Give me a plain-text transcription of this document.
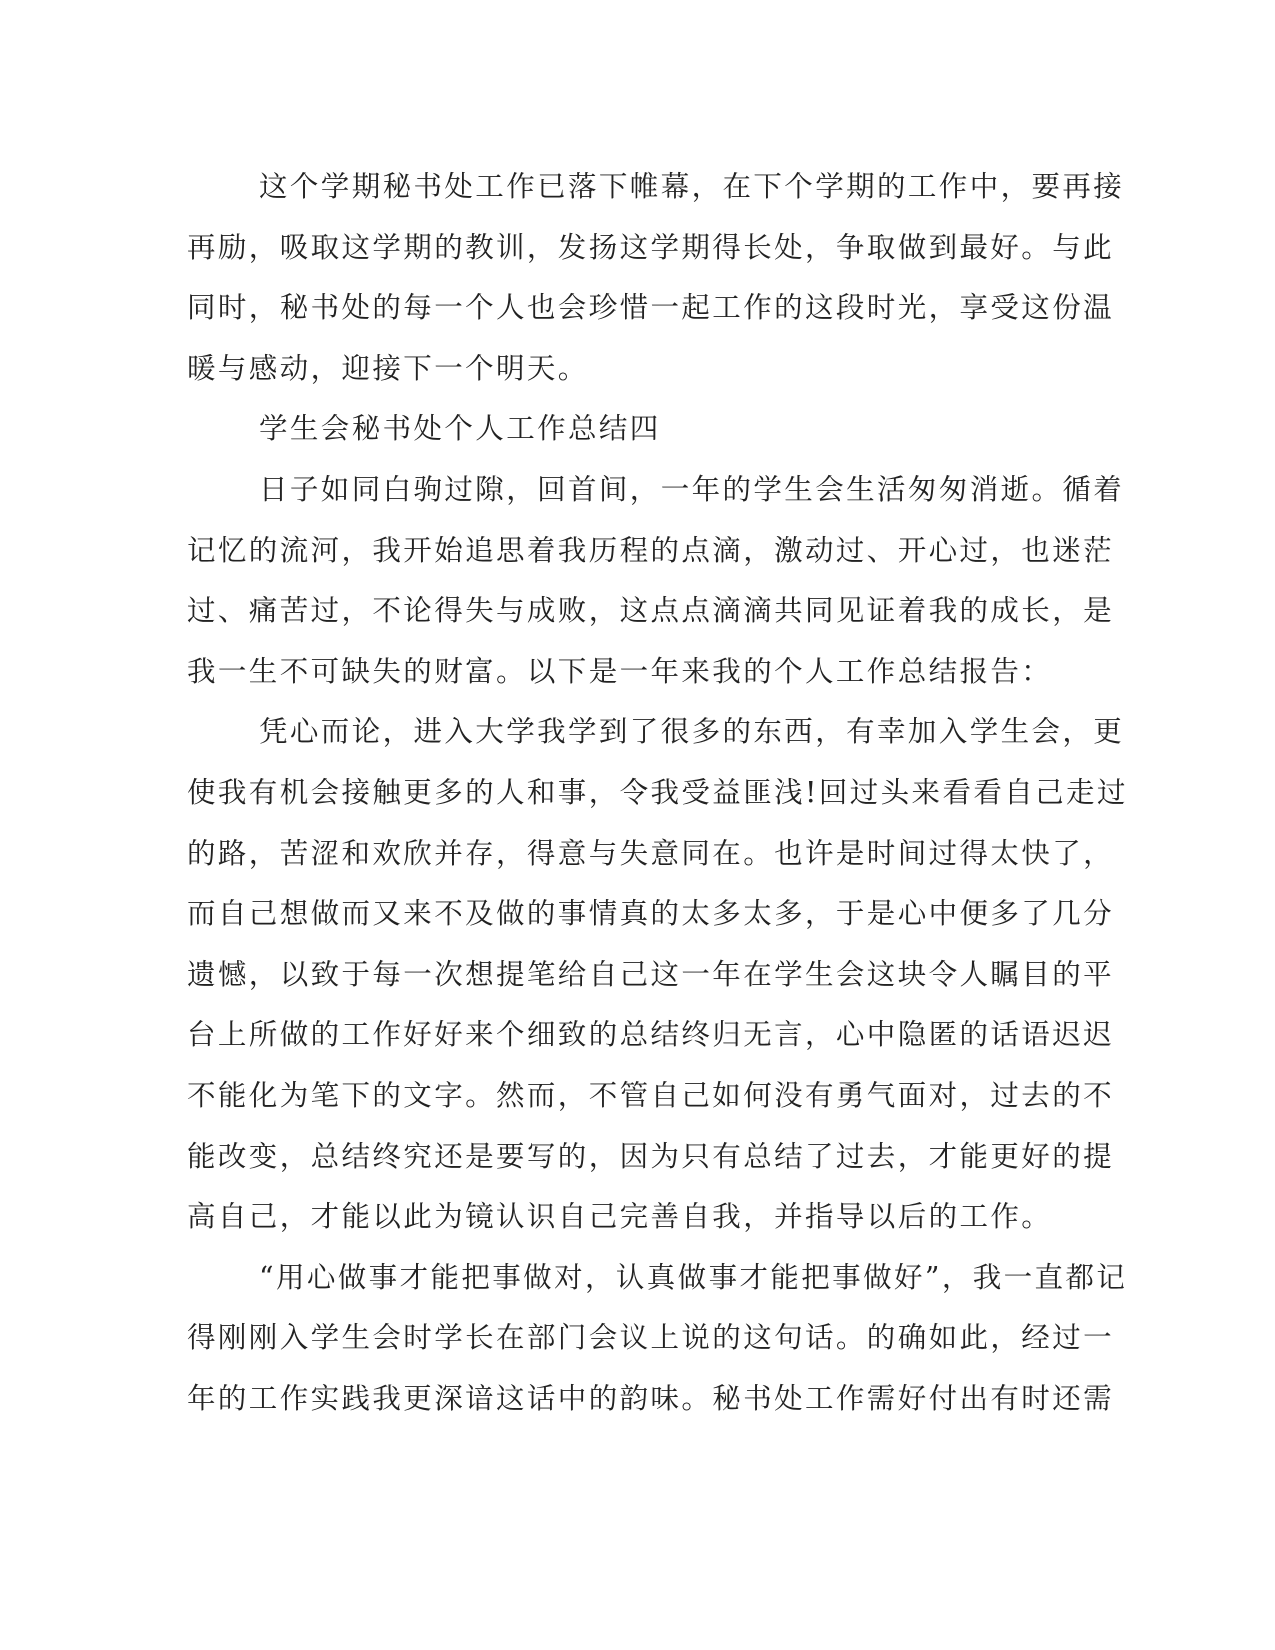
这个学期秘书处工作已落下帷幕，在下个学期的工作中，要再接
再励，吸取这学期的教训，发扬这学期得长处，争取做到最好。与此
同时，秘书处的每一个人也会珍惜一起工作的这段时光，享受这份温
暖与感动，迎接下一个明天。
学生会秘书处个人工作总结四
日子如同白驹过隙，回首间，一年的学生会生活匆匆消逝。循着
记忆的流河，我开始追思着我历程的点滴，激动过、开心过，也迷茫
过、痛苦过，不论得失与成败，这点点滴滴共同见证着我的成长，是
我一生不可缺失的财富。以下是一年来我的个人工作总结报告：
凭心而论，进入大学我学到了很多的东西，有幸加入学生会，更
使我有机会接触更多的人和事，令我受益匪浅!回过头来看看自己走过
的路，苦涩和欢欣并存，得意与失意同在。也许是时间过得太快了，
而自己想做而又来不及做的事情真的太多太多，于是心中便多了几分
遗憾，以致于每一次想提笔给自己这一年在学生会这块令人瞩目的平
台上所做的工作好好来个细致的总结终归无言，心中隐匿的话语迟迟
不能化为笔下的文字。然而，不管自己如何没有勇气面对，过去的不
能改变，总结终究还是要写的，因为只有总结了过去，才能更好的提
高自己，才能以此为镜认识自己完善自我，并指导以后的工作。
“用心做事才能把事做对，认真做事才能把事做好”，我一直都记
得刚刚入学生会时学长在部门会议上说的这句话。的确如此，经过一
年的工作实践我更深谙这话中的韵味。秘书处工作需好付出有时还需
